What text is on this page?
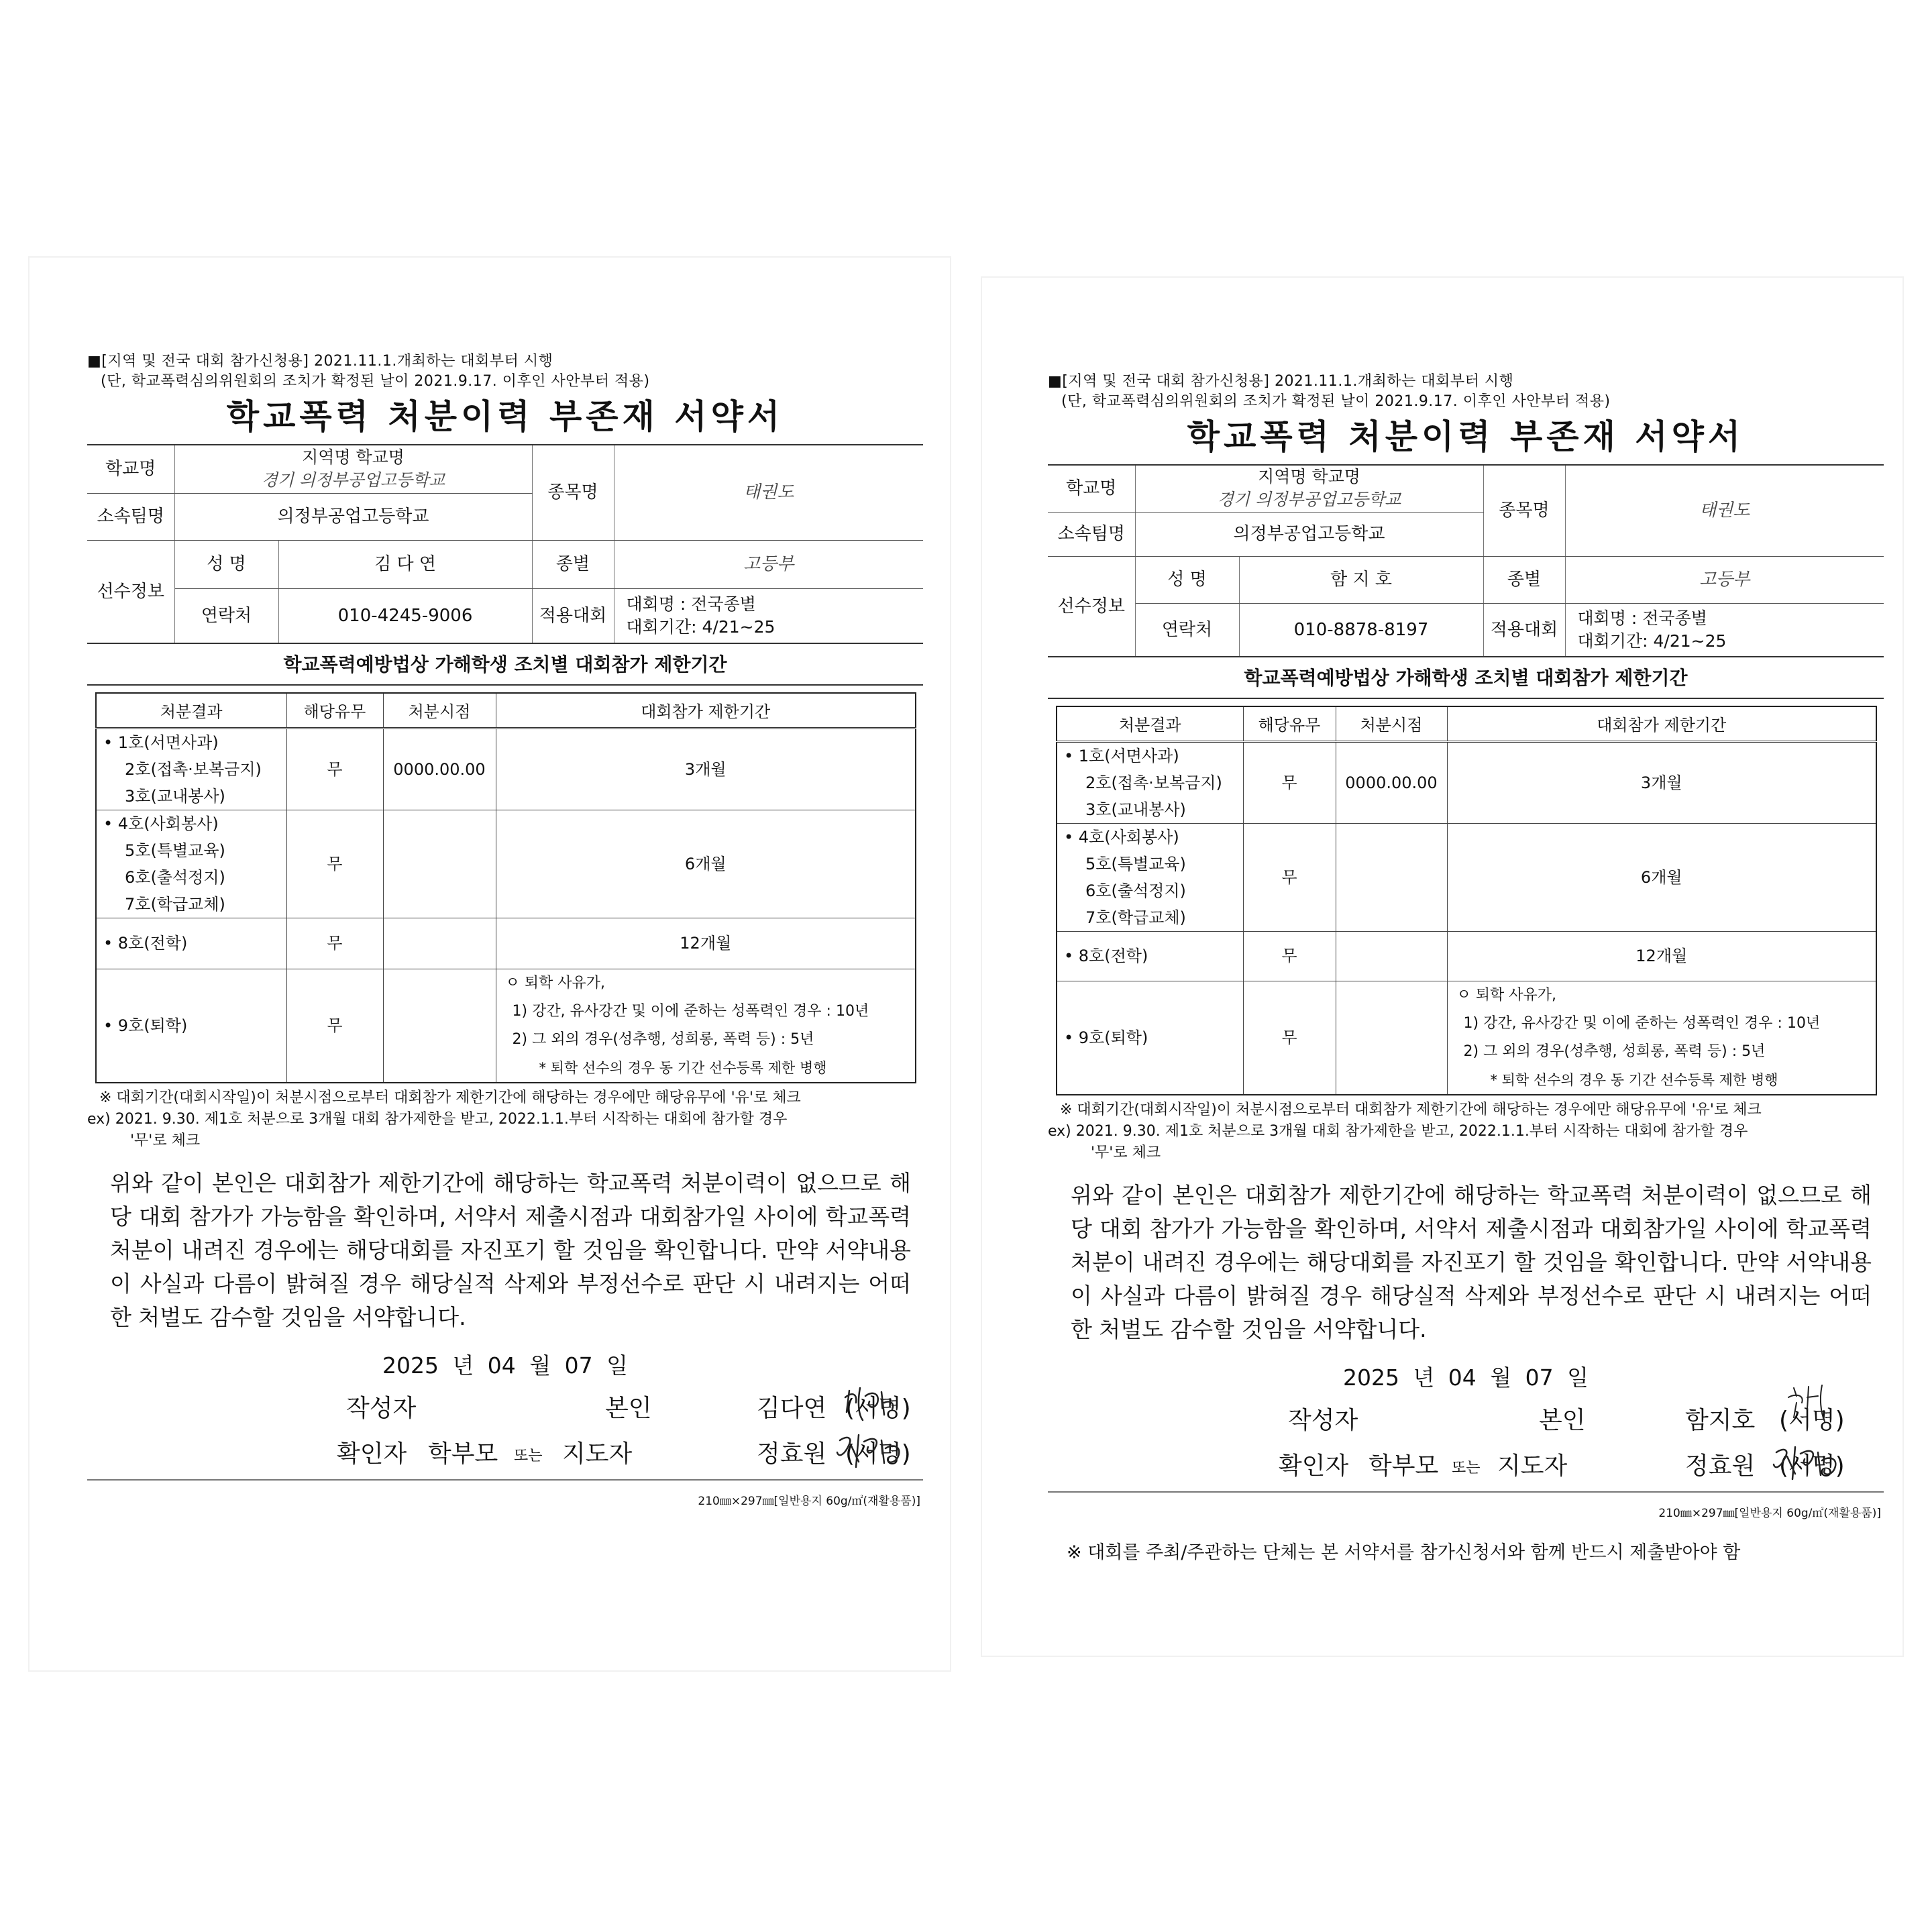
■[지역 및 전국 대회 참가신청용] 2021.11.1.개최하는 대회부터 시행
(단, 학교폭력심의위원회의 조치가 확정된 날이 2021.9.17. 이후인 사안부터 적용)
학교폭력 처분이력 부존재 서약서
학교명	지역명 학교명
경기 의정부공업고등학교		종목명	태권도
소속팀명	의정부공업고등학교			
선수정보	성 명	김 다 연	종별	고등부
	연락처	010-4245-9006	적용대회	대회명 : 전국종별
대회기간: 4/21~25
학교폭력예방법상 가해학생 조치별 대회참가 제한기간
처분결과	해당유무	처분시점	대회참가 제한기간

• 1호(서면사과)
2호(접촉·보복금지)
3호(교내봉사)	무	0000.00.00	3개월

• 4호(사회봉사)
5호(특별교육)
6호(출석정지)
7호(학급교체)	무		6개월

• 8호(전학)	무		12개월

• 9호(퇴학)	무		ㅇ 퇴학 사유가,
1) 강간, 유사강간 및 이에 준하는 성폭력인 경우 : 10년
2) 그 외의 경우(성추행, 성희롱, 폭력 등) : 5년
* 퇴학 선수의 경우 동 기간 선수등록 제한 병행
※ 대회기간(대회시작일)이 처분시점으로부터 대회참가 제한기간에 해당하는 경우에만 해당유무에 '유'로 체크
ex) 2021. 9.30. 제1호 처분으로 3개월 대회 참가제한을 받고, 2022.1.1.부터 시작하는 대회에 참가할 경우
'무'로 체크
위와 같이 본인은 대회참가 제한기간에 해당하는 학교폭력 처분이력이 없으므로 해당 대회 참가가 가능함을 확인하며, 서약서 제출시점과 대회참가일 사이에 학교폭력 처분이 내려진 경우에는 해당대회를 자진포기 할 것임을 확인합니다. 만약 서약내용이 사실과 다름이 밝혀질 경우 해당실적 삭제와 부정선수로 판단 시 내려지는 어떠한 처벌도 감수할 것임을 서약합니다.
2025 년 04 월 07 일
작성자	본인	김다연 (서명)
확인자 학부모 또는 지도자	정효원 (서명)
210㎜×297㎜[일반용지 60g/㎡(재활용품)]
■[지역 및 전국 대회 참가신청용] 2021.11.1.개최하는 대회부터 시행
(단, 학교폭력심의위원회의 조치가 확정된 날이 2021.9.17. 이후인 사안부터 적용)
학교폭력 처분이력 부존재 서약서
학교명	지역명 학교명
경기 의정부공업고등학교		종목명	태권도
소속팀명	의정부공업고등학교			
선수정보	성 명	함 지 호	종별	고등부
	연락처	010-8878-8197	적용대회	대회명 : 전국종별
대회기간: 4/21~25
학교폭력예방법상 가해학생 조치별 대회참가 제한기간
처분결과	해당유무	처분시점	대회참가 제한기간

• 1호(서면사과)
2호(접촉·보복금지)
3호(교내봉사)	무	0000.00.00	3개월

• 4호(사회봉사)
5호(특별교육)
6호(출석정지)
7호(학급교체)	무		6개월

• 8호(전학)	무		12개월

• 9호(퇴학)	무		ㅇ 퇴학 사유가,
1) 강간, 유사강간 및 이에 준하는 성폭력인 경우 : 10년
2) 그 외의 경우(성추행, 성희롱, 폭력 등) : 5년
* 퇴학 선수의 경우 동 기간 선수등록 제한 병행
※ 대회기간(대회시작일)이 처분시점으로부터 대회참가 제한기간에 해당하는 경우에만 해당유무에 '유'로 체크
ex) 2021. 9.30. 제1호 처분으로 3개월 대회 참가제한을 받고, 2022.1.1.부터 시작하는 대회에 참가할 경우
'무'로 체크
위와 같이 본인은 대회참가 제한기간에 해당하는 학교폭력 처분이력이 없으므로 해당 대회 참가가 가능함을 확인하며, 서약서 제출시점과 대회참가일 사이에 학교폭력 처분이 내려진 경우에는 해당대회를 자진포기 할 것임을 확인합니다. 만약 서약내용이 사실과 다름이 밝혀질 경우 해당실적 삭제와 부정선수로 판단 시 내려지는 어떠한 처벌도 감수할 것임을 서약합니다.
2025 년 04 월 07 일
작성자	본인	함지호 (서명)
확인자 학부모 또는 지도자	정효원 (서명)
210㎜×297㎜[일반용지 60g/㎡(재활용품)]
※ 대회를 주최/주관하는 단체는 본 서약서를 참가신청서와 함께 반드시 제출받아야 함
